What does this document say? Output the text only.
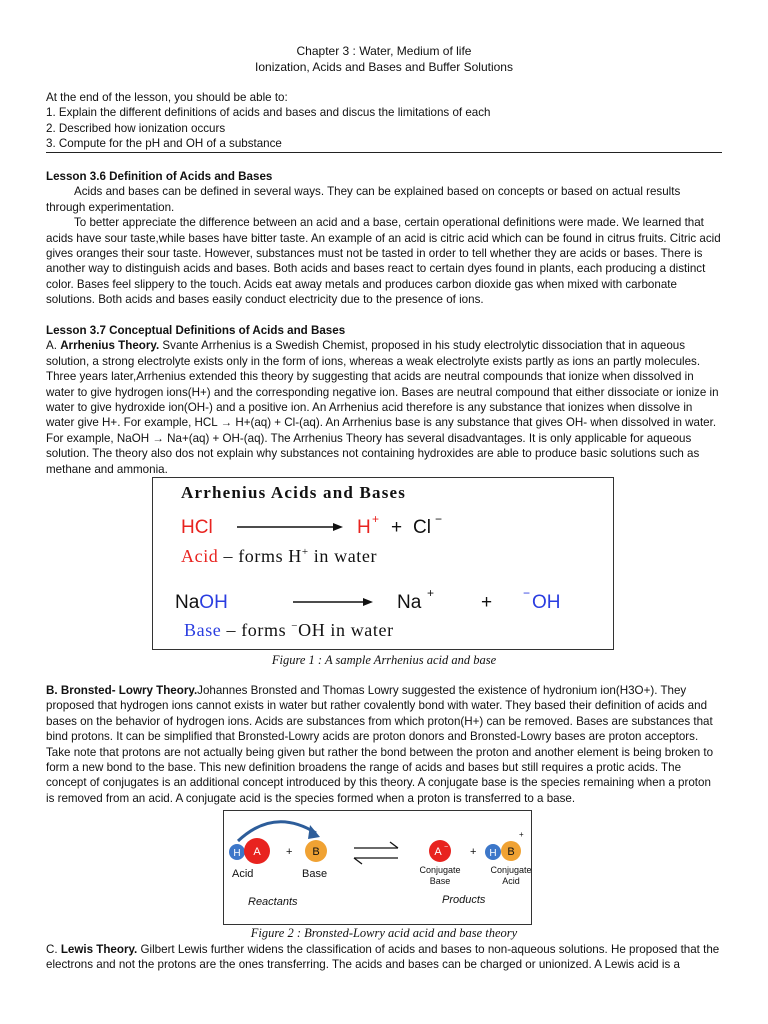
Chapter 3 : Water, Medium of life
Ionization, Acids and Bases and Buffer Solutions

At the end of the lesson, you should be able to:

1. Explain the different definitions of acids and bases and discus the limitations of each

2. Described how ionization occurs

3. Compute for the pH and OH of a substance

Lesson 3.6 Definition of Acids and Bases

Acids and bases can be defined in several ways. They can be explained based on concepts or based on actual results through experimentation.

To better appreciate the difference between an acid and a base, certain operational definitions were made. We learned that acids have sour taste,while bases have bitter taste. An example of an acid is citric acid which can be found in citrus fruits. Citric acid gives oranges their sour taste. However, substances must not be tasted in order to tell whether they are acids or bases. There is another way to distinguish acids and bases. Both acids and bases react to certain dyes found in plants, each producing a distinct color. Bases feel slippery to the touch. Acids eat away metals and produces carbon dioxide gas when mixed with carbonate solutions. Both acids and bases easily conduct electricity due to the presence of ions.

Lesson 3.7 Conceptual Definitions of Acids and Bases

A. Arrhenius Theory. Svante Arrhenius is a Swedish Chemist, proposed in his study electrolytic dissociation that in aqueous solution, a strong electrolyte exists only in the form of ions, whereas a weak electrolyte exists partly as ions an partly molecules. Three years later,Arrhenius extended this theory by suggesting that acids are neutral compounds that ionize when dissolved in water to give hydrogen ions(H+) and the corresponding negative ion. Bases are neutral compound that either dissociate or ionize in water to give hydroxide ion(OH-) and a positive ion. An Arrhenius acid therefore is any substance that ionizes when dissolve in water give H+. For example, HCL → H+(aq) + Cl-(aq). An Arrhenius base is any substance that gives OH- when dissolved in water. For example, NaOH → Na+(aq) + OH-(aq). The Arrhenius Theory has several disadvantages. It is only applicable for aqueous solution. The theory also dos not explain why substances not containing hydroxides are able to produce basic solutions such as methane and ammonia.

Arrhenius Acids and Bases
HCl	H + + Cl −
Acid – forms H+ in water
NaOH	Na + +	− OH
Base – forms −OH in water
Figure 1 : A sample Arrhenius acid and base

B. Bronsted- Lowry Theory.Johannes Bronsted and Thomas Lowry suggested the existence of hydronium ion(H3O+). They proposed that hydrogen ions cannot exists in water but rather covalently bond with water. They based their definition of acids and bases on the behavior of hydrogen ions. Acids are substances from which proton(H+) can be removed. Bases are substances that bind protons. It can be simplified that Bronsted-Lowry acids are proton donors and Bronsted-Lowry bases are proton acceptors. Take note that protons are not actually being given but rather the bond between the proton and another element is being broken to form a new bond to the base. This new definition broadens the range of acids and bases but still requires a protic acids. The concept of conjugates is an additional concept introduced by this theory. A conjugate base is the species remaining when a proton is removed from an acid. A conjugate acid is the species formed when a proton is transferred to a base.

H A + B
Acid	Base
A − + H B
+
Conjugate
Base
Conjugate
Acid
Reactants	Products
Figure 2 : Bronsted-Lowry acid acid and base theory

C. Lewis Theory. Gilbert Lewis further widens the classification of acids and bases to non-aqueous solutions. He proposed that the electrons and not the protons are the ones transferring. The acids and bases can be charged or unionized. A Lewis acid is a
